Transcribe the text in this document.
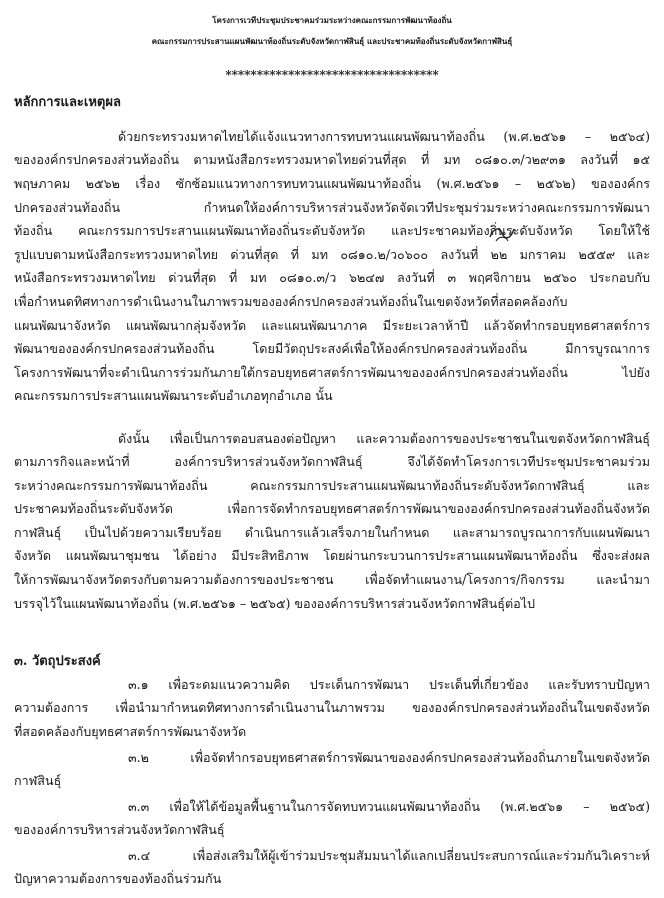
โครงการเวทีประชุมประชาคมร่วมระหว่างคณะกรรมการพัฒนาท้องถิ่น
คณะกรรมการประสานแผนพัฒนาท้องถิ่นระดับจังหวัดกาฬสินธุ์ และประชาคมท้องถิ่นระดับจังหวัดกาฬสินธุ์
**********************************
หลักการและเหตุผล
ด้วยกระทรวงมหาดไทยได้แจ้งแนวทางการทบทวนแผนพัฒนาท้องถิ่น (พ.ศ.๒๕๖๑ – ๒๕๖๔)
ขององค์กรปกครองส่วนท้องถิ่น ตามหนังสือกระทรวงมหาดไทยด่วนที่สุด ที่ มท ๐๘๑๐.๓/ว๒๙๓๑ ลงวันที่ ๑๕
พฤษภาคม ๒๕๖๒ เรื่อง ซักซ้อมแนวทางการทบทวนแผนพัฒนาท้องถิ่น (พ.ศ.๒๕๖๑ – ๒๕๖๒) ขององค์กร
ปกครองส่วนท้องถิ่น กำหนดให้องค์การบริหารส่วนจังหวัดจัดเวทีประชุมร่วมระหว่างคณะกรรมการพัฒนา
ท้องถิ่น คณะกรรมการประสานแผนพัฒนาท้องถิ่นระดับจังหวัด และประชาคมท้องถิ่นระดับจังหวัด โดยให้ใช้
รูปแบบตามหนังสือกระทรวงมหาดไทย ด่วนที่สุด ที่ มท ๐๘๑๐.๒/ว๐๖๐๐ ลงวันที่ ๒๒ มกราคม ๒๕๕๙ และ
หนังสือกระทรวงมหาดไทย ด่วนที่สุด ที่ มท ๐๘๑๐.๓/ว ๖๒๔๗ ลงวันที่ ๓ พฤศจิกายน ๒๕๖๐ ประกอบกับ
เพื่อกำหนดทิศทางการดำเนินงานในภาพรวมขององค์กรปกครองส่วนท้องถิ่นในเขตจังหวัดที่สอดคล้องกับ
แผนพัฒนาจังหวัด แผนพัฒนากลุ่มจังหวัด และแผนพัฒนาภาค มีระยะเวลาห้าปี แล้วจัดทำกรอบยุทธศาสตร์การ
พัฒนาขององค์กรปกครองส่วนท้องถิ่น โดยมีวัตถุประสงค์เพื่อให้องค์กรปกครองส่วนท้องถิ่น มีการบูรณาการ
โครงการพัฒนาที่จะดำเนินการร่วมกันภายใต้กรอบยุทธศาสตร์การพัฒนาขององค์กรปกครองส่วนท้องถิ่น ไปยัง
คณะกรรมการประสานแผนพัฒนาระดับอำเภอทุกอำเภอ นั้น
ดังนั้น เพื่อเป็นการตอบสนองต่อปัญหา และความต้องการของประชาชนในเขตจังหวัดกาฬสินธุ์
ตามภารกิจและหน้าที่ องค์การบริหารส่วนจังหวัดกาฬสินธุ์ จึงได้จัดทำโครงการเวทีประชุมประชาคมร่วม
ระหว่างคณะกรรมการพัฒนาท้องถิ่น คณะกรรมการประสานแผนพัฒนาท้องถิ่นระดับจังหวัดกาฬสินธุ์ และ
ประชาคมท้องถิ่นระดับจังหวัด เพื่อการจัดทำกรอบยุทธศาสตร์การพัฒนาขององค์กรปกครองส่วนท้องถิ่นจังหวัด
กาฬสินธุ์ เป็นไปด้วยความเรียบร้อย ดำเนินการแล้วเสร็จภายในกำหนด และสามารถบูรณาการกับแผนพัฒนา
จังหวัด แผนพัฒนาชุมชน ได้อย่าง มีประสิทธิภาพ โดยผ่านกระบวนการประสานแผนพัฒนาท้องถิ่น ซึ่งจะส่งผล
ให้การพัฒนาจังหวัดตรงกับตามความต้องการของประชาชน เพื่อจัดทำแผนงาน/โครงการ/กิจกรรม และนำมา
บรรจุไว้ในแผนพัฒนาท้องถิ่น (พ.ศ.๒๕๖๑ – ๒๕๖๕) ขององค์การบริหารส่วนจังหวัดกาฬสินธุ์ต่อไป
๓. วัตถุประสงค์
๓.๑ เพื่อระดมแนวความคิด ประเด็นการพัฒนา ประเด็นที่เกี่ยวข้อง และรับทราบปัญหา
ความต้องการ เพื่อนำมากำหนดทิศทางการดำเนินงานในภาพรวม ขององค์กรปกครองส่วนท้องถิ่นในเขตจังหวัด
ที่สอดคล้องกับยุทธศาสตร์การพัฒนาจังหวัด
๓.๒ เพื่อจัดทำกรอบยุทธศาสตร์การพัฒนาขององค์กรปกครองส่วนท้องถิ่นภายในเขตจังหวัด
กาฬสินธุ์
๓.๓ เพื่อให้ได้ข้อมูลพื้นฐานในการจัดทบทวนแผนพัฒนาท้องถิ่น (พ.ศ.๒๕๖๑ – ๒๕๖๕)
ขององค์การบริหารส่วนจังหวัดกาฬสินธุ์
๓.๔ เพื่อส่งเสริมให้ผู้เข้าร่วมประชุมสัมมนาได้แลกเปลี่ยนประสบการณ์และร่วมกันวิเคราะห์
ปัญหาความต้องการของท้องถิ่นร่วมกัน
